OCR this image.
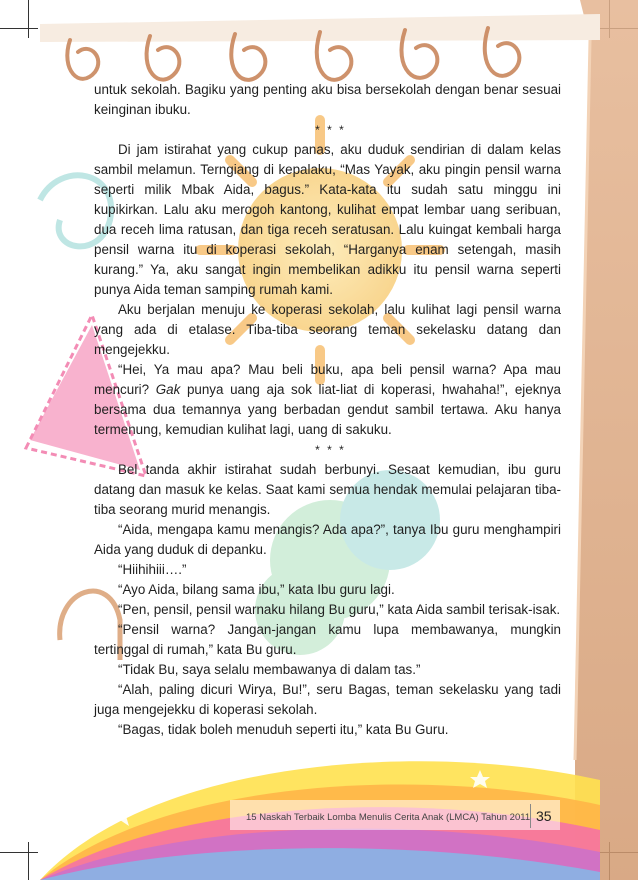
untuk sekolah. Bagiku yang penting aku bisa bersekolah dengan benar sesuai keinginan ibuku.

* * *

Di jam istirahat yang cukup panas, aku duduk sendirian di dalam kelas sambil melamun. Terngiang di kepalaku, “Mas Yayak, aku pingin pensil warna seperti milik Mbak Aida, bagus.” Kata-kata itu sudah satu minggu ini kupikirkan. Lalu aku merogoh kantong, kulihat empat lembar uang seribuan, dua receh lima ratusan, dan tiga receh seratusan. Lalu kuingat kembali harga pensil warna itu di koperasi sekolah, “Harganya enam setengah, masih kurang.” Ya, aku sangat ingin membelikan adikku itu pensil warna seperti punya Aida teman samping rumah kami.

Aku berjalan menuju ke koperasi sekolah, lalu kulihat lagi pensil warna yang ada di etalase. Tiba-tiba seorang teman sekelasku datang dan mengejekku.

“Hei, Ya mau apa? Mau beli buku, apa beli pensil warna? Apa mau mencuri? Gak punya uang aja sok liat-liat di koperasi, hwahaha!”, ejeknya bersama dua temannya yang berbadan gendut sambil tertawa. Aku hanya termenung, kemudian kulihat lagi, uang di sakuku.

* * *

Bel tanda akhir istirahat sudah berbunyi. Sesaat kemudian, ibu guru datang dan masuk ke kelas. Saat kami semua hendak memulai pelajaran tiba-tiba seorang murid menangis.

“Aida, mengapa kamu menangis? Ada apa?”, tanya Ibu guru menghampiri Aida yang duduk di depanku.

“Hiihihiii….”

“Ayo Aida, bilang sama ibu,” kata Ibu guru lagi.

“Pen, pensil, pensil warnaku hilang Bu guru,” kata Aida sambil terisak-isak.

“Pensil warna? Jangan-jangan kamu lupa membawanya, mungkin tertinggal di rumah,” kata Bu guru.

“Tidak Bu, saya selalu membawanya di dalam tas.”

“Alah, paling dicuri Wirya, Bu!”, seru Bagas, teman sekelasku yang tadi juga mengejekku di koperasi sekolah.

“Bagas, tidak boleh menuduh seperti itu,” kata Bu Guru.

15 Naskah Terbaik Lomba Menulis Cerita Anak (LMCA) Tahun 2011 35
